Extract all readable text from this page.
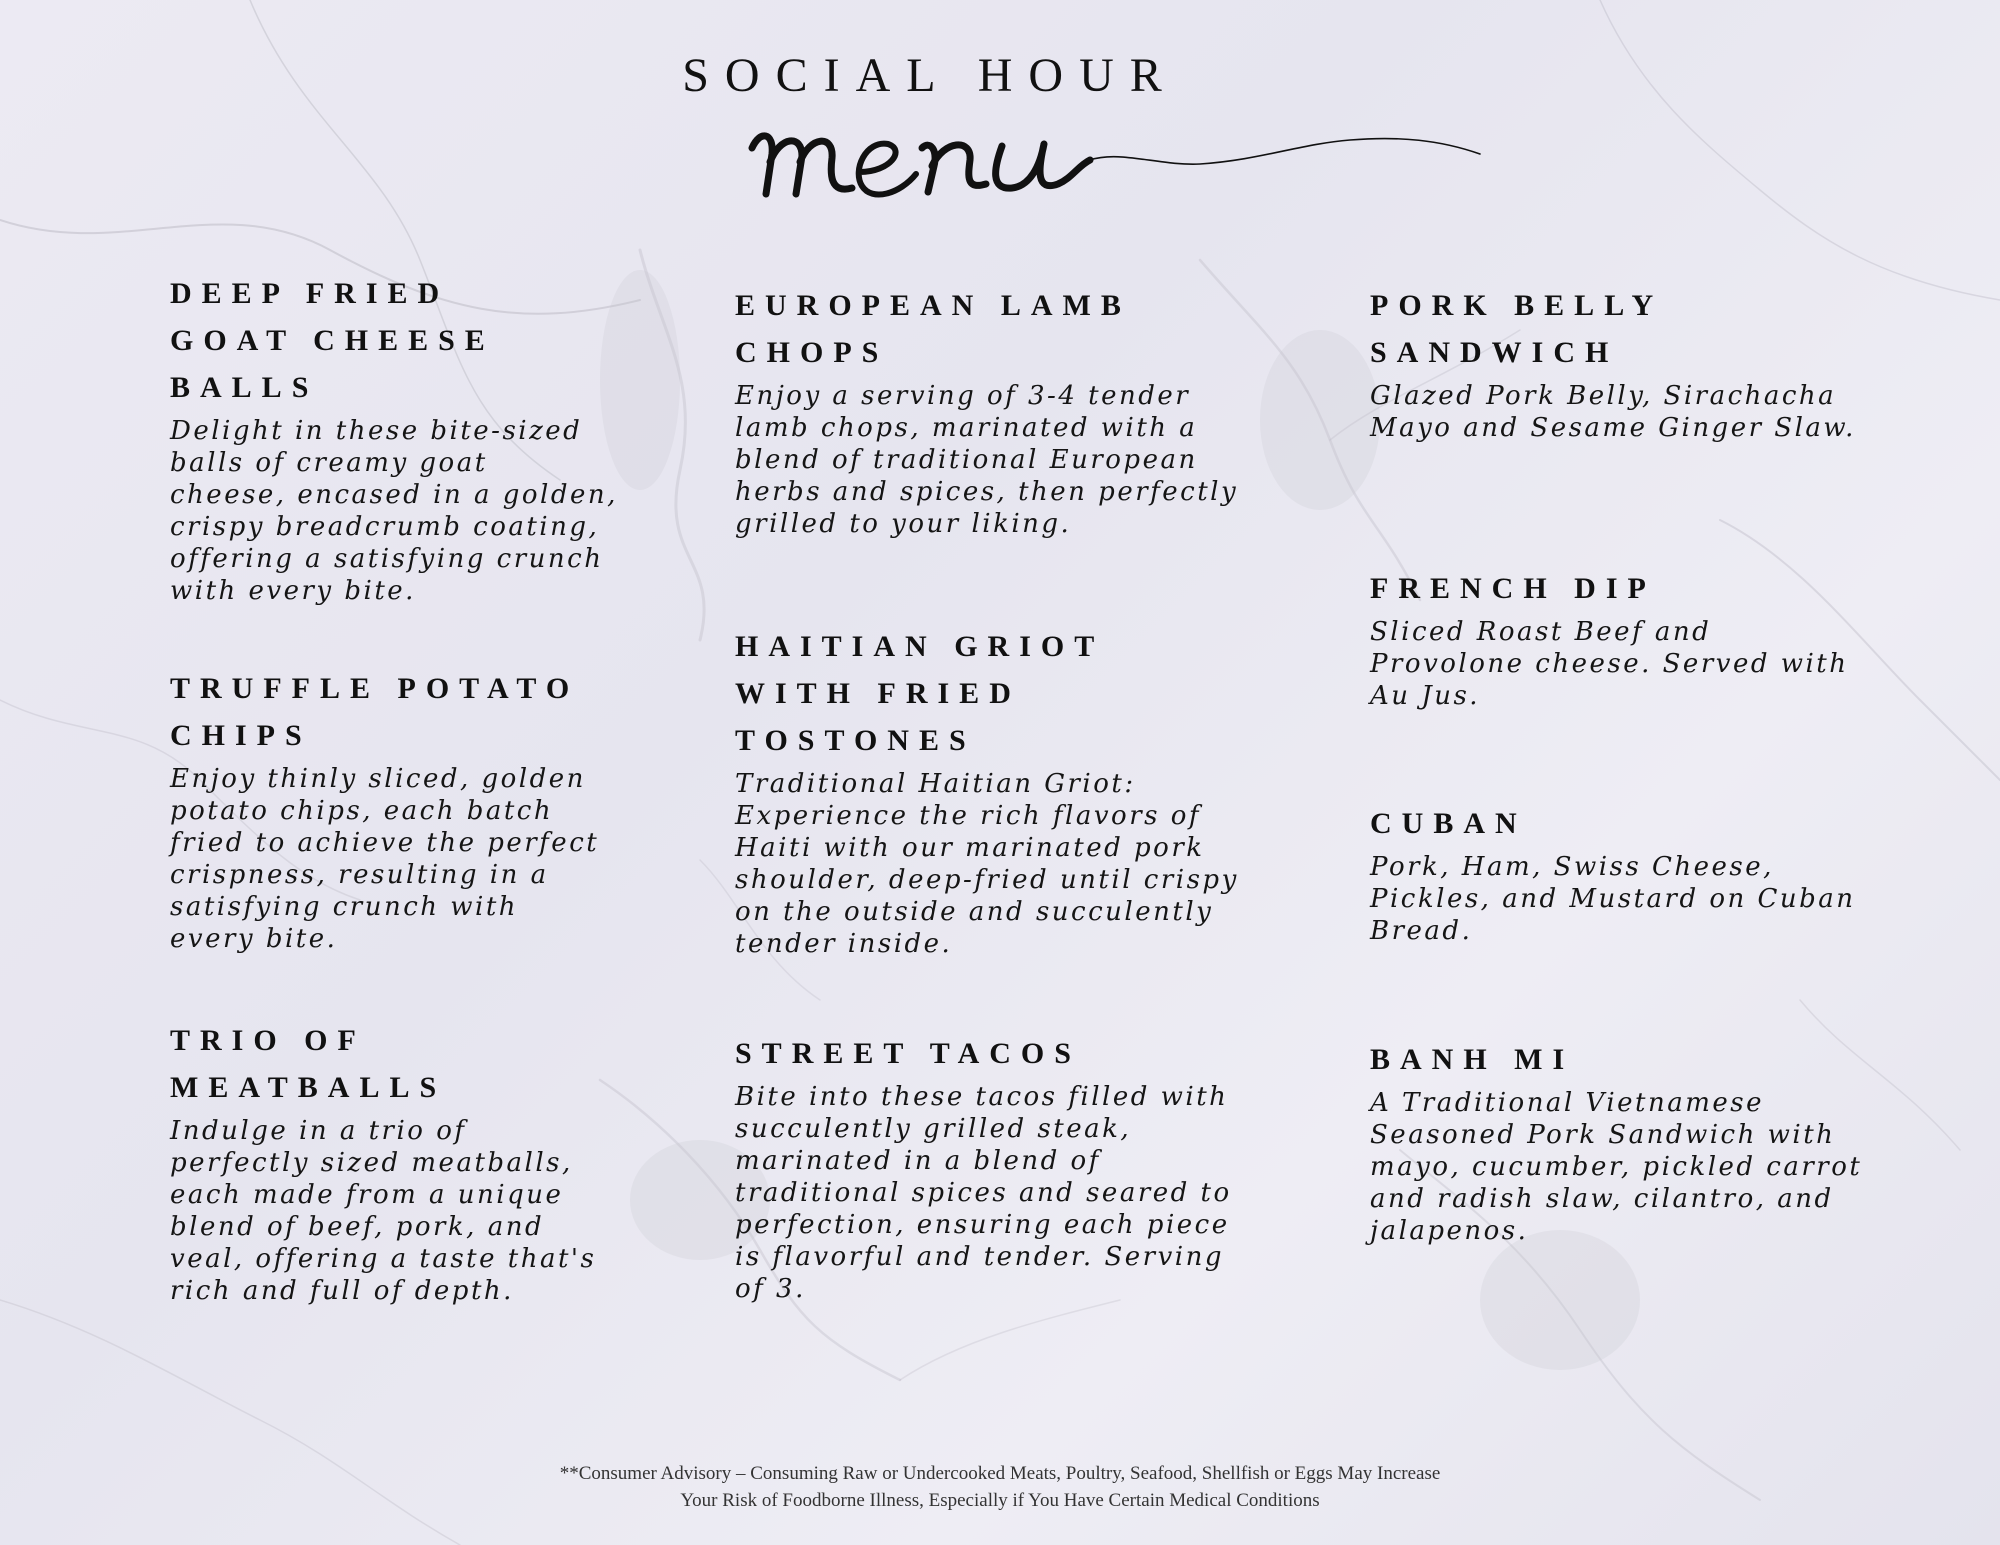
SOCIAL HOUR
DEEP FRIED
GOAT CHEESE
BALLS
Delight in these bite-sized
balls of creamy goat
cheese, encased in a golden,
crispy breadcrumb coating,
offering a satisfying crunch
with every bite.
TRUFFLE POTATO
CHIPS
Enjoy thinly sliced, golden
potato chips, each batch
fried to achieve the perfect
crispness, resulting in a
satisfying crunch with
every bite.
TRIO OF
MEATBALLS
Indulge in a trio of
perfectly sized meatballs,
each made from a unique
blend of beef, pork, and
veal, offering a taste that's
rich and full of depth.
EUROPEAN LAMB
CHOPS
Enjoy a serving of 3-4 tender
lamb chops, marinated with a
blend of traditional European
herbs and spices, then perfectly
grilled to your liking.
HAITIAN GRIOT
WITH FRIED
TOSTONES
Traditional Haitian Griot:
Experience the rich flavors of
Haiti with our marinated pork
shoulder, deep-fried until crispy
on the outside and succulently
tender inside.
STREET TACOS
Bite into these tacos filled with
succulently grilled steak,
marinated in a blend of
traditional spices and seared to
perfection, ensuring each piece
is flavorful and tender. Serving
of 3.
PORK BELLY
SANDWICH
Glazed Pork Belly, Sirachacha
Mayo and Sesame Ginger Slaw.
FRENCH DIP
Sliced Roast Beef and
Provolone cheese. Served with
Au Jus.
CUBAN
Pork, Ham, Swiss Cheese,
Pickles, and Mustard on Cuban
Bread.
BANH MI
A Traditional Vietnamese
Seasoned Pork Sandwich with
mayo, cucumber, pickled carrot
and radish slaw, cilantro, and
jalapenos.
**Consumer Advisory – Consuming Raw or Undercooked Meats, Poultry, Seafood, Shellfish or Eggs May Increase
Your Risk of Foodborne Illness, Especially if You Have Certain Medical Conditions
